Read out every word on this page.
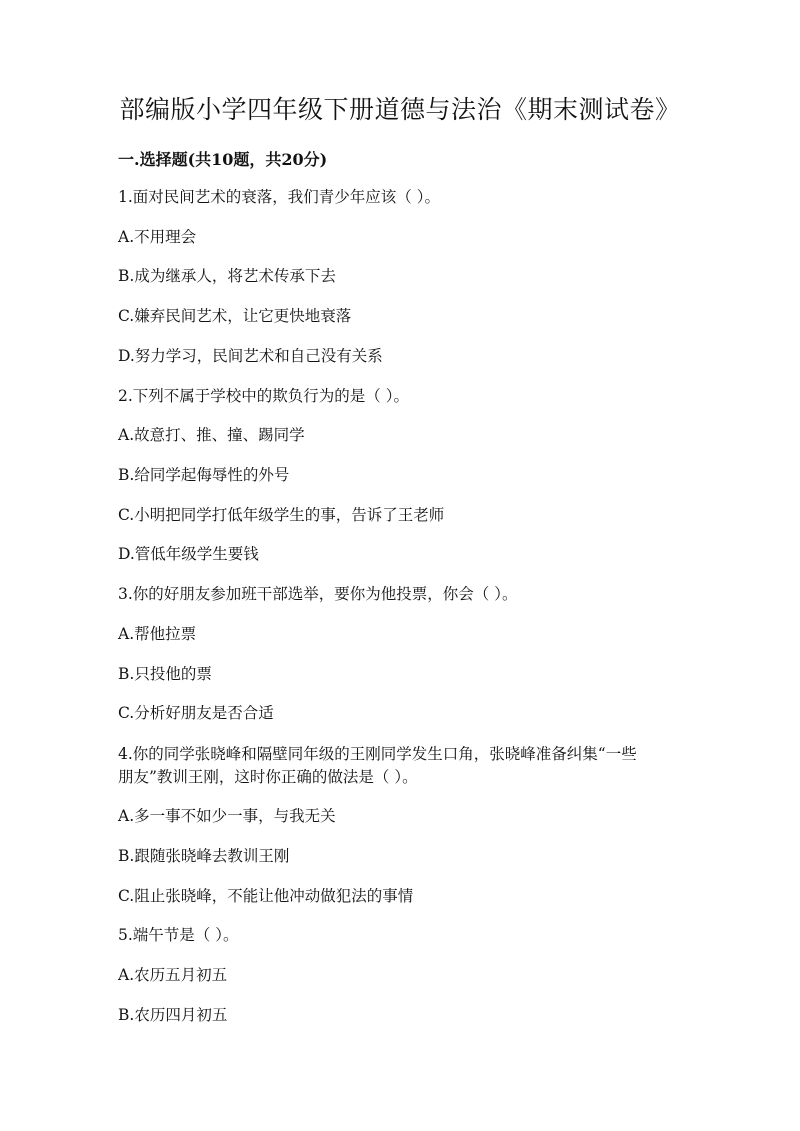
部编版小学四年级下册道德与法治《期末测试卷》
一.选择题(共10题，共20分)
1.面对民间艺术的衰落，我们青少年应该（ ）。
A.不用理会
B.成为继承人，将艺术传承下去
C.嫌弃民间艺术，让它更快地衰落
D.努力学习，民间艺术和自己没有关系
2.下列不属于学校中的欺负行为的是（ ）。
A.故意打、推、撞、踢同学
B.给同学起侮辱性的外号
C.小明把同学打低年级学生的事，告诉了王老师
D.管低年级学生要钱
3.你的好朋友参加班干部选举，要你为他投票，你会（ ）。
A.帮他拉票
B.只投他的票
C.分析好朋友是否合适
4.你的同学张晓峰和隔壁同年级的王刚同学发生口角，张晓峰准备纠集“一些
朋友”教训王刚，这时你正确的做法是（ ）。
A.多一事不如少一事，与我无关
B.跟随张晓峰去教训王刚
C.阻止张晓峰，不能让他冲动做犯法的事情
5.端午节是（ ）。
A.农历五月初五
B.农历四月初五
